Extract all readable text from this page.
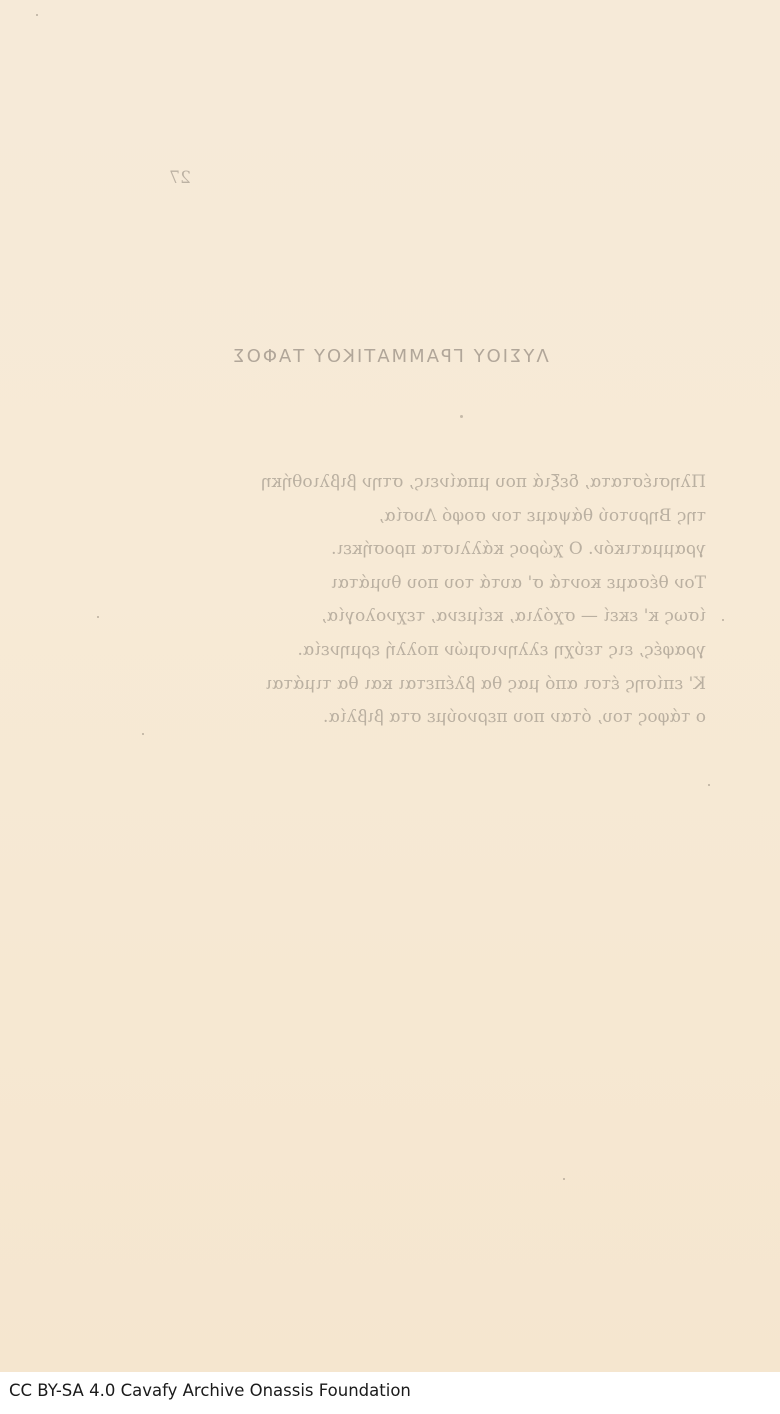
27
ΛΥΣΙΟΥ ΓΡΑΜΜΑΤΙΚΟΥ ΤΑΦΟΣ
Πλησιέστατα, δεξιά που μπαίνεις, στην βιβλιοθήκη
της Βηρυτού θάψαμε τον σοφό Λυσία,
γραμματικόν. Ο χώρος κάλλιστα προσήκει.
Τον θέσαμε κοντά σ' αυτά του που θυμάται
ίσως κ' εκεί — σχόλια, κείμενα, τεχνολογία,
γραφές, εις τεύχη ελληνισμών πολλή ερμηνεία.
Κ' επίσης έτσι από μας θα βλέπεται και θα τιμάται
ο τάφος του, όταν που περνούμε στα βιβλία.
CC BY-SA 4.0 Cavafy Archive Onassis Foundation
